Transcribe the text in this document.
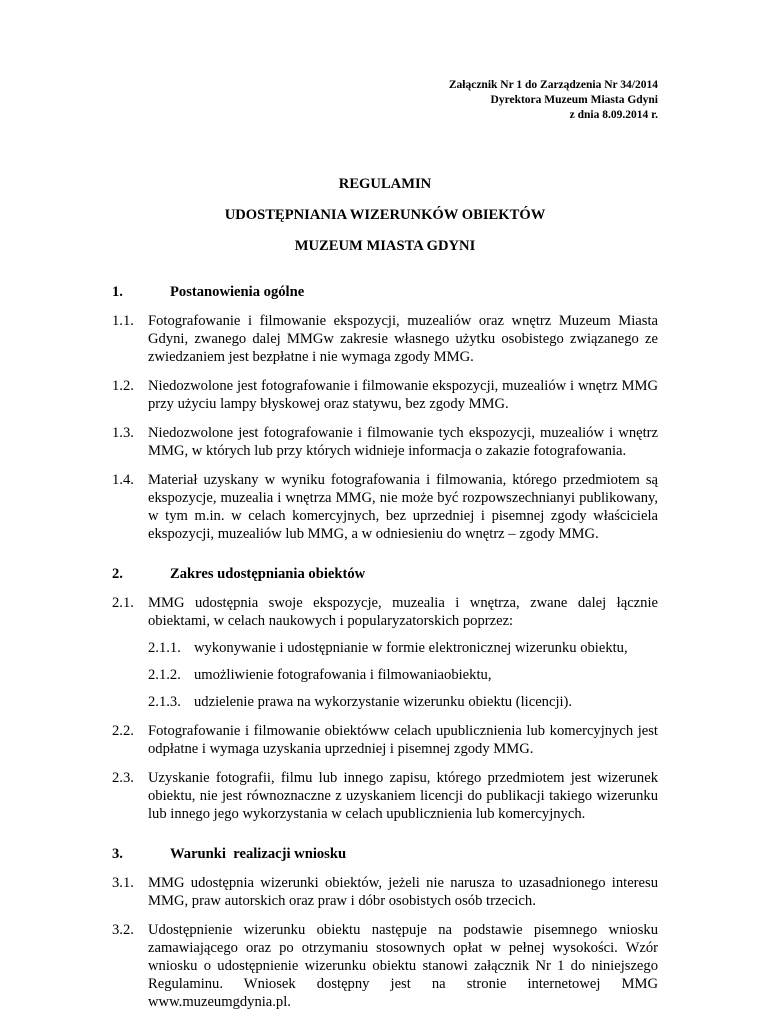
Załącznik Nr 1 do Zarządzenia Nr 34/2014
Dyrektora Muzeum Miasta Gdyni
z dnia 8.09.2014 r.
REGULAMIN
UDOSTĘPNIANIA WIZERUNKÓW OBIEKTÓW
MUZEUM MIASTA GDYNI
1.	Postanowienia ogólne
1.1. Fotografowanie i filmowanie ekspozycji, muzealiów oraz wnętrz Muzeum Miasta Gdyni, zwanego dalej MMGw zakresie własnego użytku osobistego związanego ze zwiedzaniem jest bezpłatne i nie wymaga zgody MMG.
1.2. Niedozwolone jest fotografowanie i filmowanie ekspozycji, muzealiów i wnętrz MMG przy użyciu lampy błyskowej oraz statywu, bez zgody MMG.
1.3. Niedozwolone jest fotografowanie i filmowanie tych ekspozycji, muzealiów i wnętrz MMG, w których lub przy których widnieje informacja o zakazie fotografowania.
1.4. Materiał uzyskany w wyniku fotografowania i filmowania, którego przedmiotem są ekspozycje, muzealia i wnętrza MMG, nie może być rozpowszechnianyi publikowany, w tym m.in. w celach komercyjnych, bez uprzedniej i pisemnej zgody właściciela ekspozycji, muzealiów lub MMG, a w odniesieniu do wnętrz – zgody MMG.
2.	Zakres udostępniania obiektów
2.1. MMG udostępnia swoje ekspozycje, muzealia i wnętrza, zwane dalej łącznie obiektami, w celach naukowych i popularyzatorskich poprzez:
2.1.1. wykonywanie i udostępnianie w formie elektronicznej wizerunku obiektu,
2.1.2. umożliwienie fotografowania i filmowaniaobiektu,
2.1.3. udzielenie prawa na wykorzystanie wizerunku obiektu (licencji).
2.2. Fotografowanie i filmowanie obiektóww celach upublicznienia lub komercyjnych jest odpłatne i wymaga uzyskania uprzedniej i pisemnej zgody MMG.
2.3. Uzyskanie fotografii, filmu lub innego zapisu, którego przedmiotem jest wizerunek obiektu, nie jest równoznaczne z uzyskaniem licencji do publikacji takiego wizerunku lub innego jego wykorzystania w celach upublicznienia lub komercyjnych.
3.	Warunki  realizacji wniosku
3.1. MMG udostępnia wizerunki obiektów, jeżeli nie narusza to uzasadnionego interesu MMG, praw autorskich oraz praw i dóbr osobistych osób trzecich.
3.2. Udostępnienie wizerunku obiektu następuje na podstawie pisemnego wniosku zamawiającego oraz po otrzymaniu stosownych opłat w pełnej wysokości. Wzór wniosku o udostępnienie wizerunku obiektu stanowi załącznik Nr 1 do niniejszego Regulaminu. Wniosek dostępny jest na stronie internetowej MMG www.muzeumgdynia.pl.
